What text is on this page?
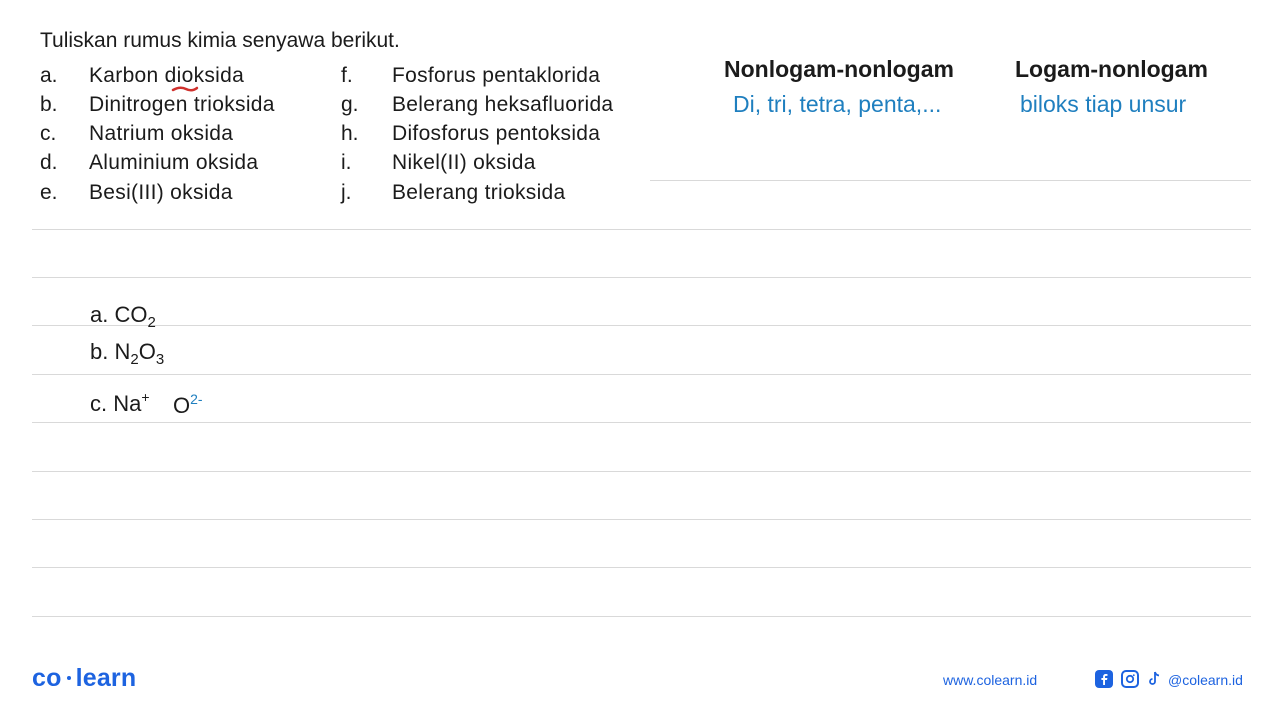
Tuliskan rumus kimia senyawa berikut.
a. Karbon dioksida
b. Dinitrogen trioksida
c. Natrium oksida
d. Aluminium oksida
e. Besi(III) oksida
f. Fosforus pentaklorida
g. Belerang heksafluorida
h. Difosforus pentoksida
i. Nikel(II) oksida
j. Belerang trioksida
Nonlogam-nonlogam	Logam-nonlogam
Di, tri, tetra, penta,...	biloks tiap unsur
a. $CO_2$
b. $N_2O_3$
c. Na+ $O^{2-}$
co learn	www.colearn.id	@colearn.id
